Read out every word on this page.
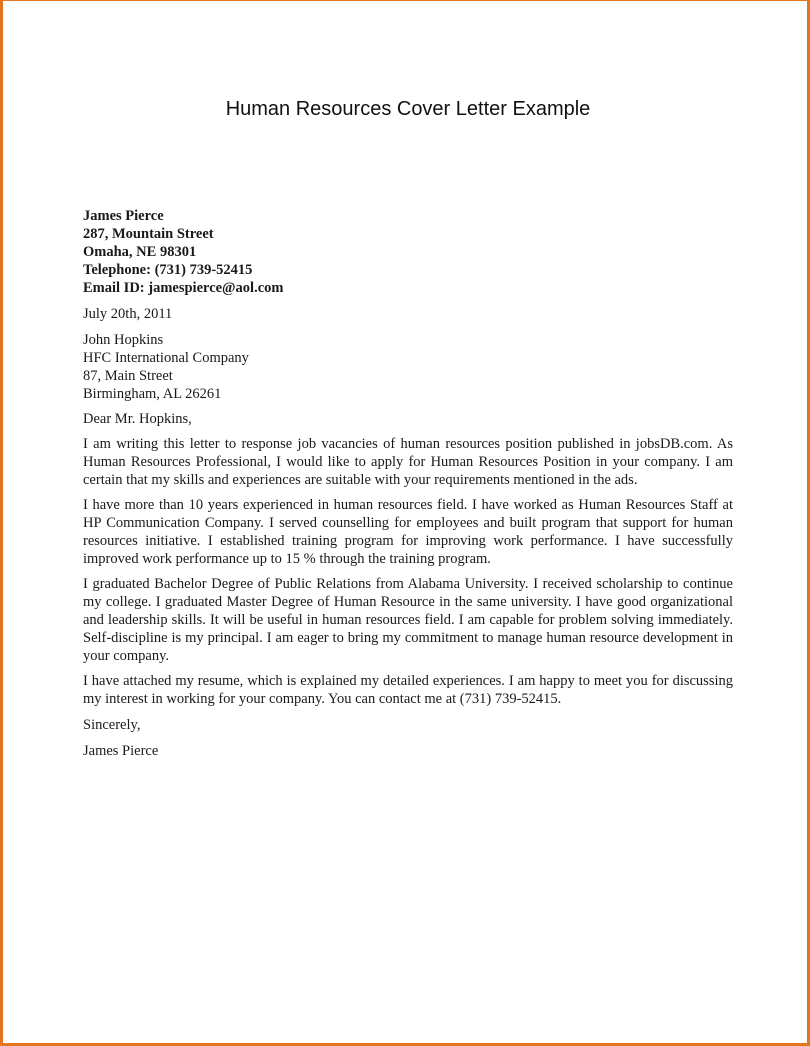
Human Resources Cover Letter Example
James Pierce
287, Mountain Street
Omaha, NE 98301
Telephone: (731) 739-52415
Email ID: jamespierce@aol.com
July 20th, 2011
John Hopkins
HFC International Company
87, Main Street
Birmingham, AL 26261
Dear Mr. Hopkins,

I am writing this letter to response job vacancies of human resources position published in jobsDB.com. As Human Resources Professional, I would like to apply for Human Resources Position in your company. I am certain that my skills and experiences are suitable with your requirements mentioned in the ads.

I have more than 10 years experienced in human resources field. I have worked as Human Resources Staff at HP Communication Company. I served counselling for employees and built program that support for human resources initiative. I established training program for improving work performance. I have successfully improved work performance up to 15 % through the training program.

I graduated Bachelor Degree of Public Relations from Alabama University. I received scholarship to continue my college. I graduated Master Degree of Human Resource in the same university. I have good organizational and leadership skills. It will be useful in human resources field. I am capable for problem solving immediately. Self-discipline is my principal. I am eager to bring my commitment to manage human resource development in your company.

I have attached my resume, which is explained my detailed experiences. I am happy to meet you for discussing my interest in working for your company. You can contact me at (731) 739-52415.

Sincerely,
James Pierce
